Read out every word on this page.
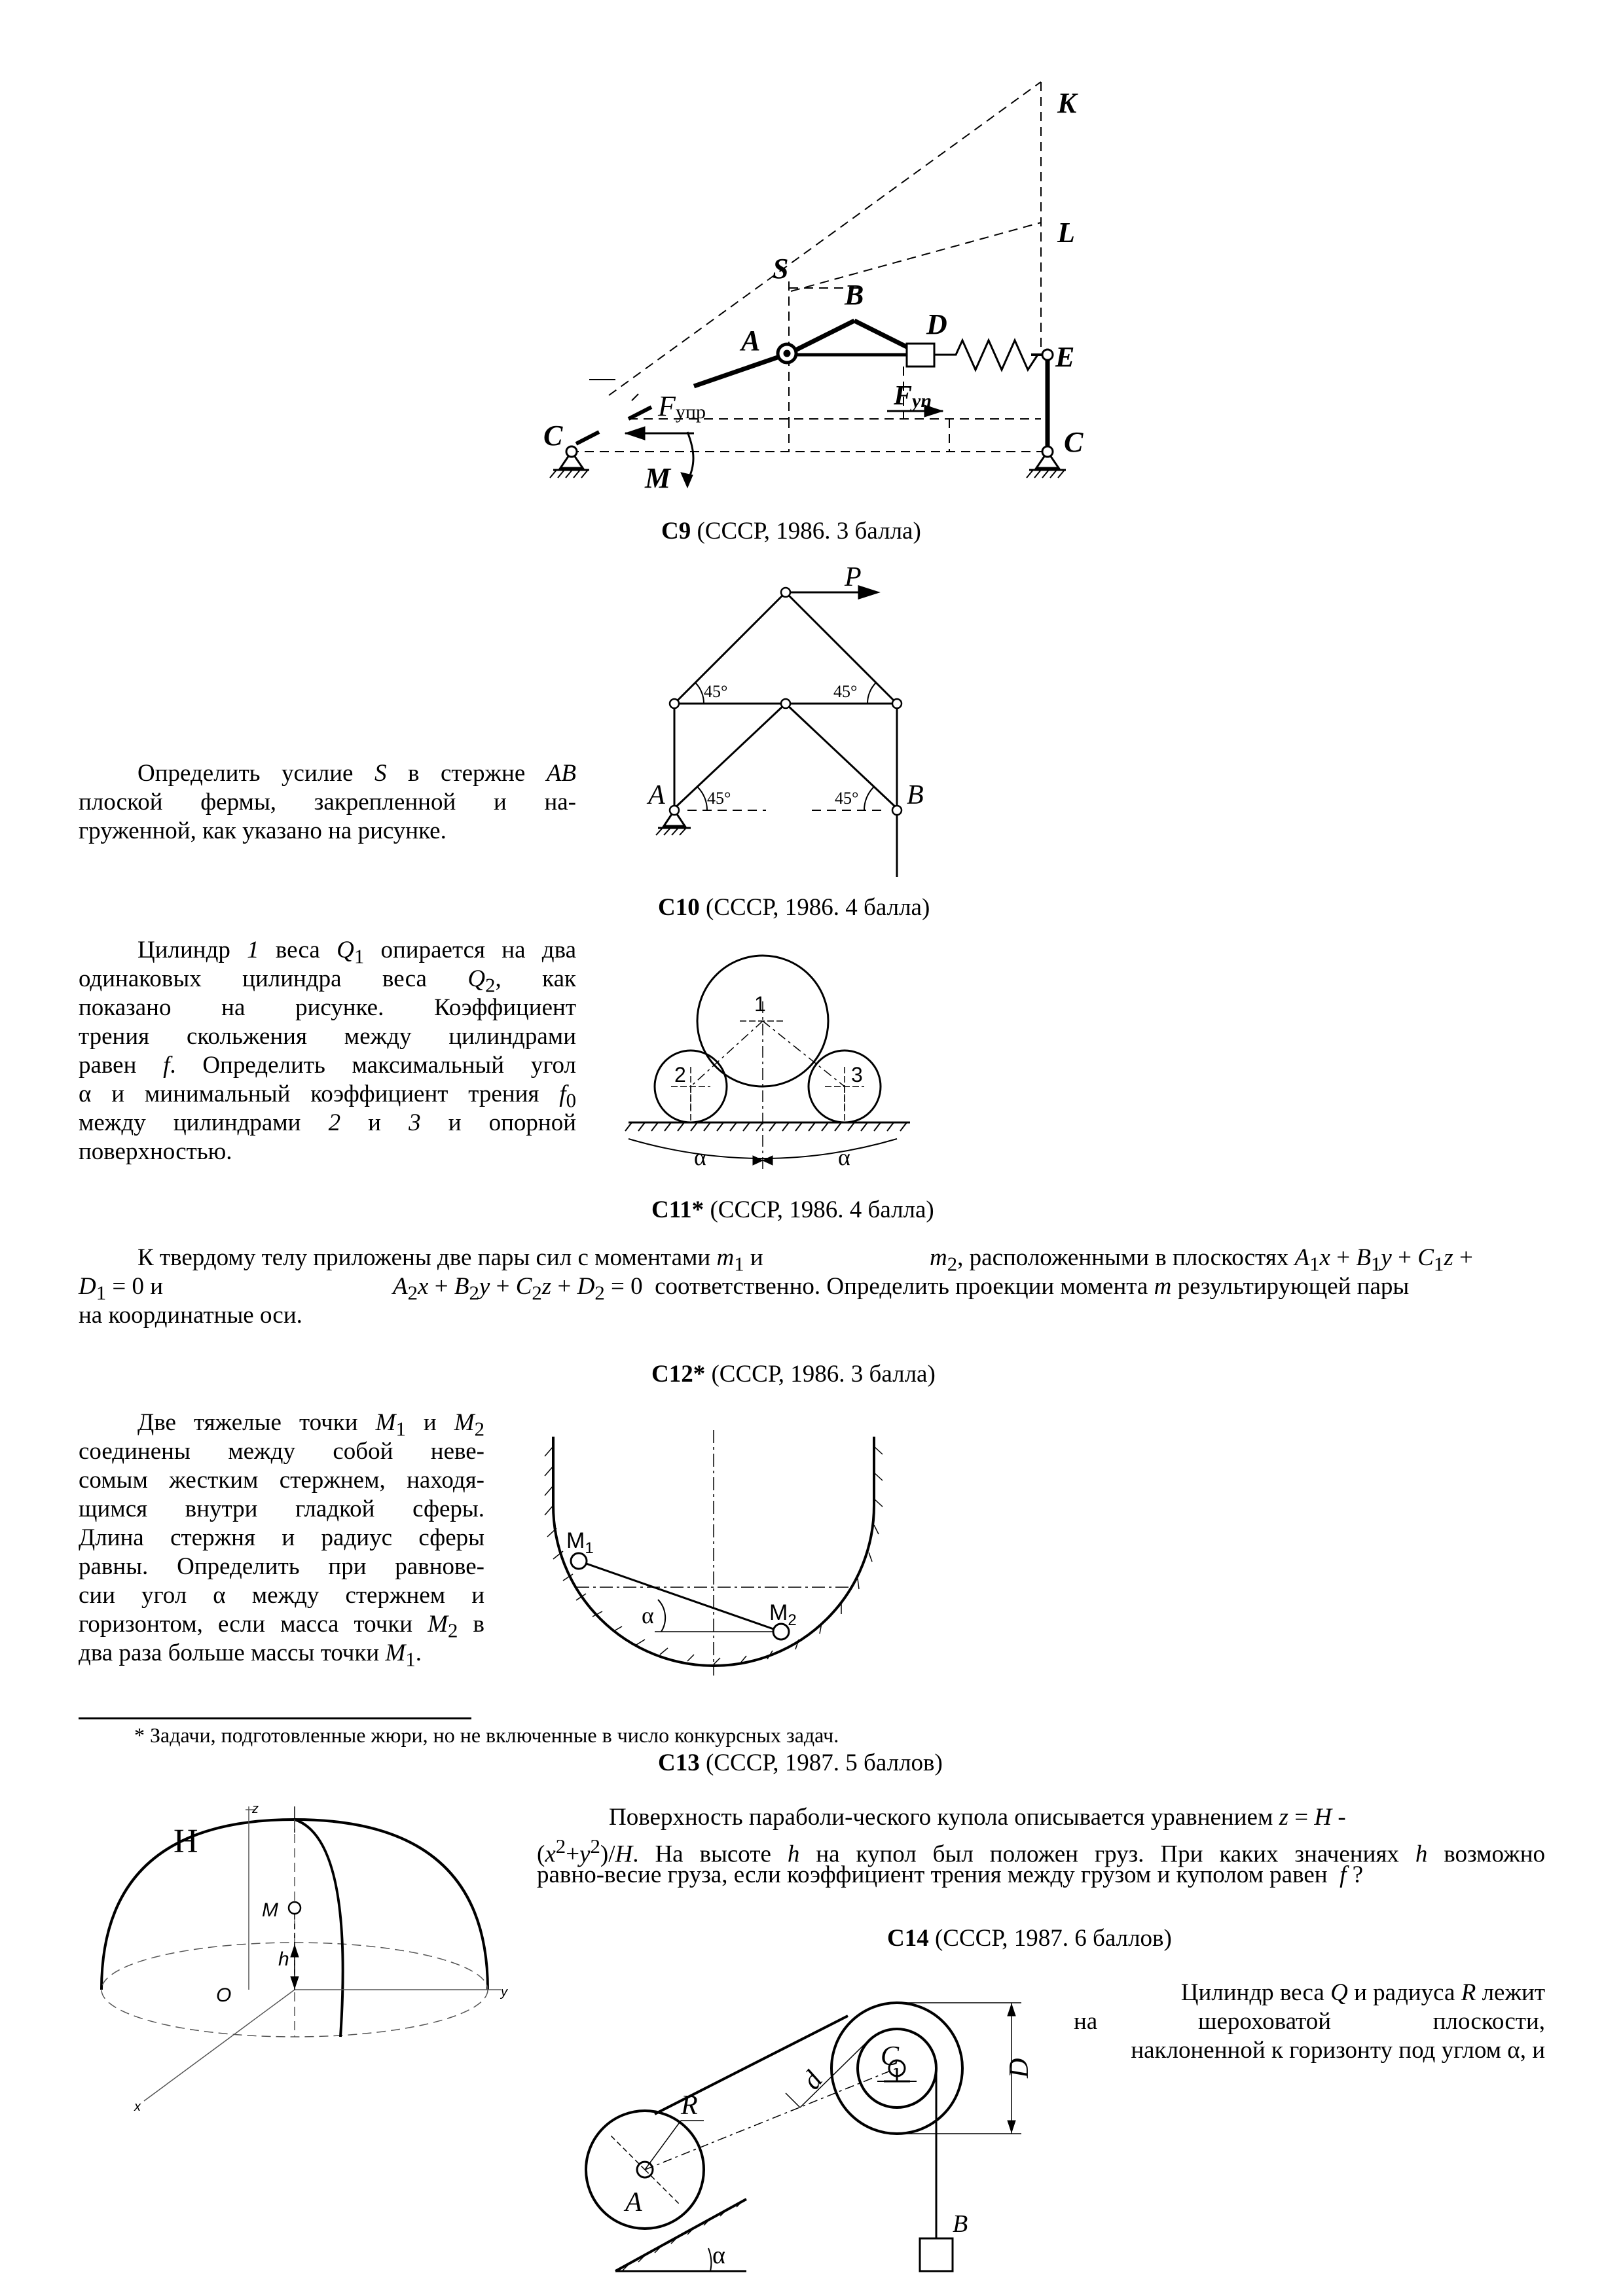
K
L
S
B
A
D
E
C
C
M
Fупр
Fyn
C9 (СССР, 1986. 3 балла)
P
A	B
45°	45°
45°	45°
Определить усилие S в стержне AB
плоской фермы, закрепленной и на-
груженной, как указано на рисунке.
C10 (СССР, 1986. 4 балла)
Цилиндр 1 веса $Q_1$ опирается на два
одинаковых цилиндра веса $Q_2$, как
показано на рисунке. Коэффициент
трения скольжения между цилиндрами
равен f. Определить максимальный угол
α и минимальный коэффициент трения $f_0$
между цилиндрами 2 и 3 и опорной
поверхностью.
1
2	3
α	α
C11* (СССР, 1986. 4 балла)
К твердому телу приложены две пары сил с моментами $m_1$ и	$m_2$, расположенными в плоскостях $A_1x + B_1y + C_1z$ +
$D_1 = 0$ и	$A_2x + B_2y + C_2z + D_2 = 0$  соответственно. Определить проекции момента m результирующей пары
на координатные оси.
C12* (СССР, 1986. 3 балла)
Две тяжелые точки $M_1$ и $M_2$
соединены между собой неве-
сомым жестким стержнем, находя-
щимся внутри гладкой сферы.
Длина стержня и радиус сферы
равны. Определить при равнове-
сии угол α между стержнем и
горизонтом, если масса точки $M_2$ в
два раза больше массы точки $M_1$.
$M_1$
$M_2$
α
* Задачи, подготовленные жюри, но не включенные в число конкурсных задач.
C13 (СССР, 1987. 5 баллов)
H
z
M
h
O	y
x
Поверхность параболи-ческого купола описывается уравнением z = H -
$(x^2+y^2)/H$. На высоте h на купол был положен груз. При каких значениях h возможно
равно-весие груза, если коэффициент трения между грузом и куполом равен  f ?
C14 (СССР, 1987. 6 баллов)
Цилиндр веса Q и радиуса R лежит
на	шероховатой	плоскости,
наклоненной к горизонту под углом α, и
R
C	D
d
A
B
α
